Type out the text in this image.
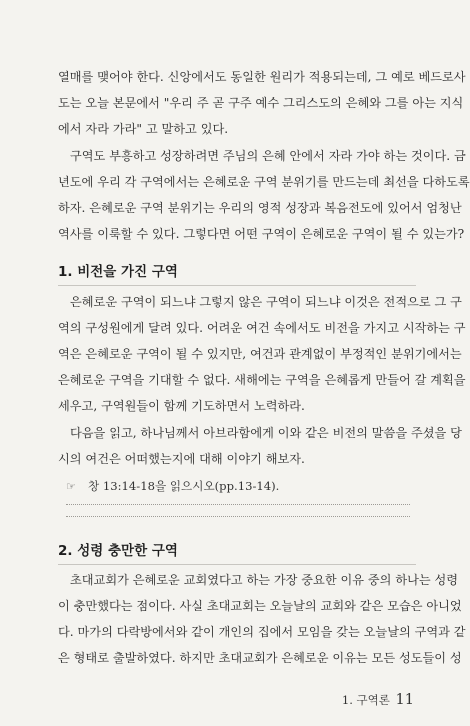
열매를 맺어야 한다. 신앙에서도 동일한 원리가 적용되는데, 그 예로 베드로사
도는 오늘 본문에서 "우리 주 곧 구주 예수 그리스도의 은혜와 그를 아는 지식
에서 자라 가라" 고 말하고 있다.
구역도 부흥하고 성장하려면 주님의 은혜 안에서 자라 가야 하는 것이다. 금
년도에 우리 각 구역에서는 은혜로운 구역 분위기를 만드는데 최선을 다하도록
하자. 은혜로운 구역 분위기는 우리의 영적 성장과 복음전도에 있어서 엄청난
역사를 이룩할 수 있다. 그렇다면 어떤 구역이 은혜로운 구역이 될 수 있는가?
1. 비전을 가진 구역
은혜로운 구역이 되느냐 그렇지 않은 구역이 되느냐 이것은 전적으로 그 구
역의 구성원에게 달려 있다. 어려운 여건 속에서도 비전을 가지고 시작하는 구
역은 은혜로운 구역이 될 수 있지만, 여건과 관계없이 부정적인 분위기에서는
은혜로운 구역을 기대할 수 없다. 새해에는 구역을 은혜롭게 만들어 갈 계획을
세우고, 구역원들이 함께 기도하면서 노력하라.
다음을 읽고, 하나님께서 아브라함에게 이와 같은 비전의 말씀을 주셨을 당
시의 여건은 어떠했는지에 대해 이야기 해보자.
☞ 창 13:14-18을 읽으시오(pp.13-14).
2. 성령 충만한 구역
초대교회가 은혜로운 교회였다고 하는 가장 중요한 이유 중의 하나는 성령
이 충만했다는 점이다. 사실 초대교회는 오늘날의 교회와 같은 모습은 아니었
다. 마가의 다락방에서와 같이 개인의 집에서 모임을 갖는 오늘날의 구역과 같
은 형태로 출발하였다. 하지만 초대교회가 은혜로운 이유는 모든 성도들이 성
1. 구역론 11
